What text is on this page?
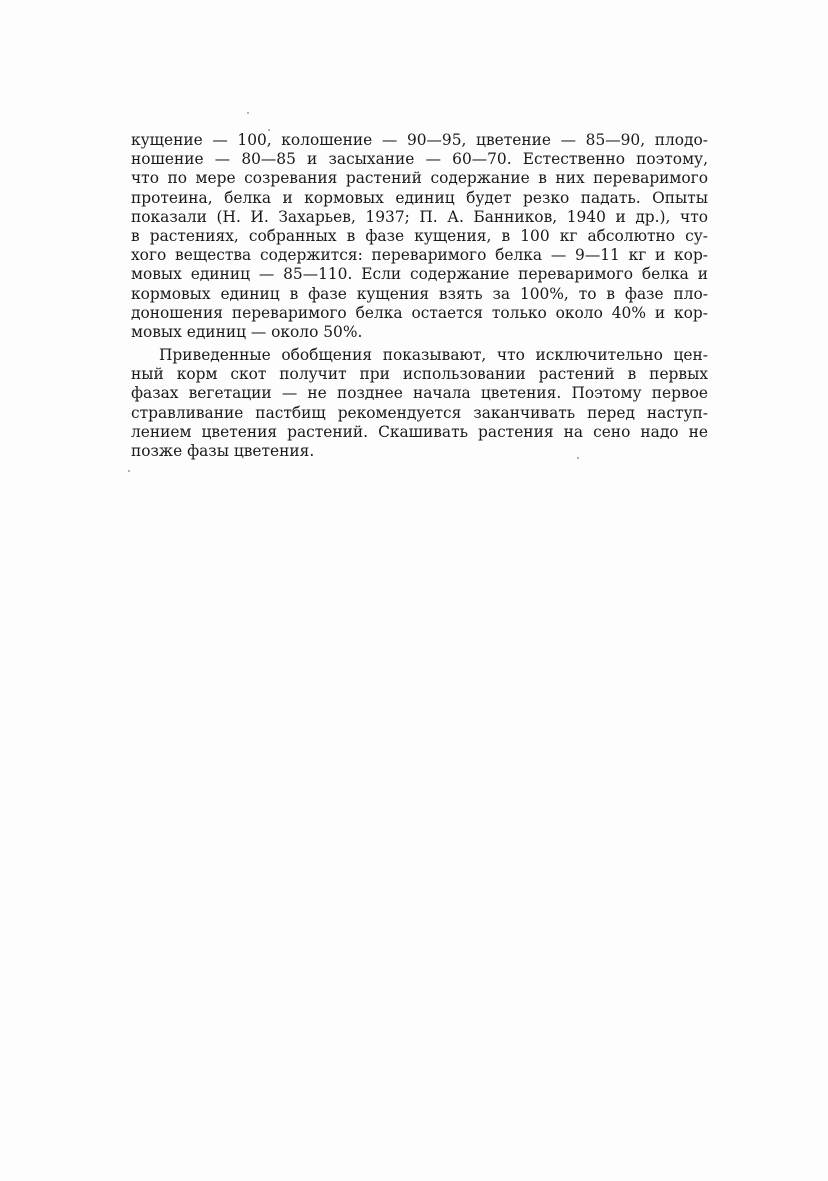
кущение — 100, колошение — 90—95, цветение — 85—90, плодо-
ношение — 80—85 и засыхание — 60—70. Естественно поэтому,
что по мере созревания растений содержание в них переваримого
протеина, белка и кормовых единиц будет резко падать. Опыты
показали (Н. И. Захарьев, 1937; П. А. Банников, 1940 и др.), что
в растениях, собранных в фазе кущения, в 100 кг абсолютно су-
хого вещества содержится: переваримого белка — 9—11 кг и кор-
мовых единиц — 85—110. Если содержание переваримого белка и
кормовых единиц в фазе кущения взять за 100%, то в фазе пло-
доношения переваримого белка остается только около 40% и кор-
мовых единиц — около 50%.

Приведенные обобщения показывают, что исключительно цен-
ный корм скот получит при использовании растений в первых
фазах вегетации — не позднее начала цветения. Поэтому первое
стравливание пастбищ рекомендуется заканчивать перед наступ-
лением цветения растений. Скашивать растения на сено надо не
позже фазы цветения.
